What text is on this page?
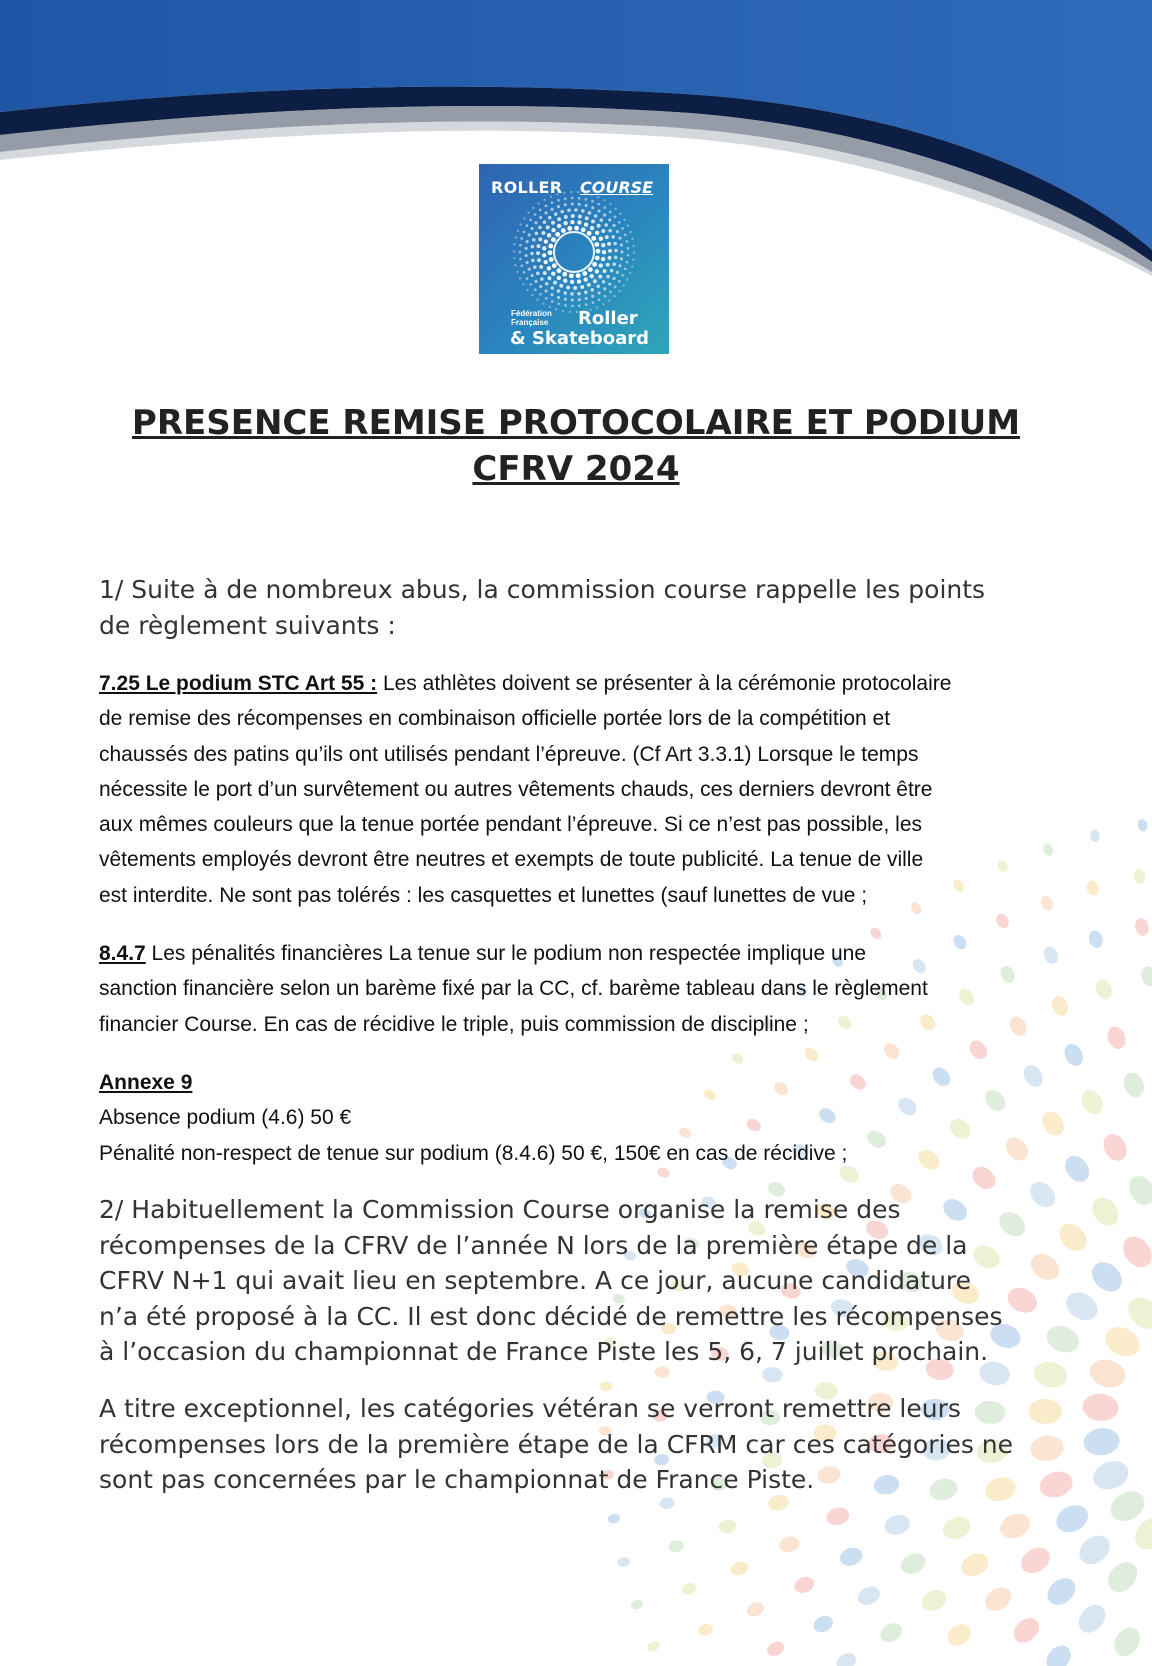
ROLLER COURSE
Fédération
Française Roller
& Skateboard
PRESENCE REMISE PROTOCOLAIRE ET PODIUM
CFRV 2024

1/ Suite à de nombreux abus, la commission course rappelle les points
de règlement suivants :

7.25 Le podium STC Art 55 : Les athlètes doivent se présenter à la cérémonie protocolaire
de remise des récompenses en combinaison officielle portée lors de la compétition et
chaussés des patins qu’ils ont utilisés pendant l’épreuve. (Cf Art 3.3.1) Lorsque le temps
nécessite le port d’un survêtement ou autres vêtements chauds, ces derniers devront être
aux mêmes couleurs que la tenue portée pendant l’épreuve. Si ce n’est pas possible, les
vêtements employés devront être neutres et exempts de toute publicité. La tenue de ville
est interdite. Ne sont pas tolérés : les casquettes et lunettes (sauf lunettes de vue ;

8.4.7 Les pénalités financières La tenue sur le podium non respectée implique une
sanction financière selon un barème fixé par la CC, cf. barème tableau dans le règlement
financier Course. En cas de récidive le triple, puis commission de discipline ;

Annexe 9
Absence podium (4.6) 50 €
Pénalité non-respect de tenue sur podium (8.4.6) 50 €, 150€ en cas de récidive ;

2/ Habituellement la Commission Course organise la remise des
récompenses de la CFRV de l’année N lors de la première étape de la
CFRV N+1 qui avait lieu en septembre. A ce jour, aucune candidature
n’a été proposé à la CC. Il est donc décidé de remettre les récompenses
à l’occasion du championnat de France Piste les 5, 6, 7 juillet prochain.

A titre exceptionnel, les catégories vétéran se verront remettre leurs
récompenses lors de la première étape de la CFRM car ces catégories ne
sont pas concernées par le championnat de France Piste.
